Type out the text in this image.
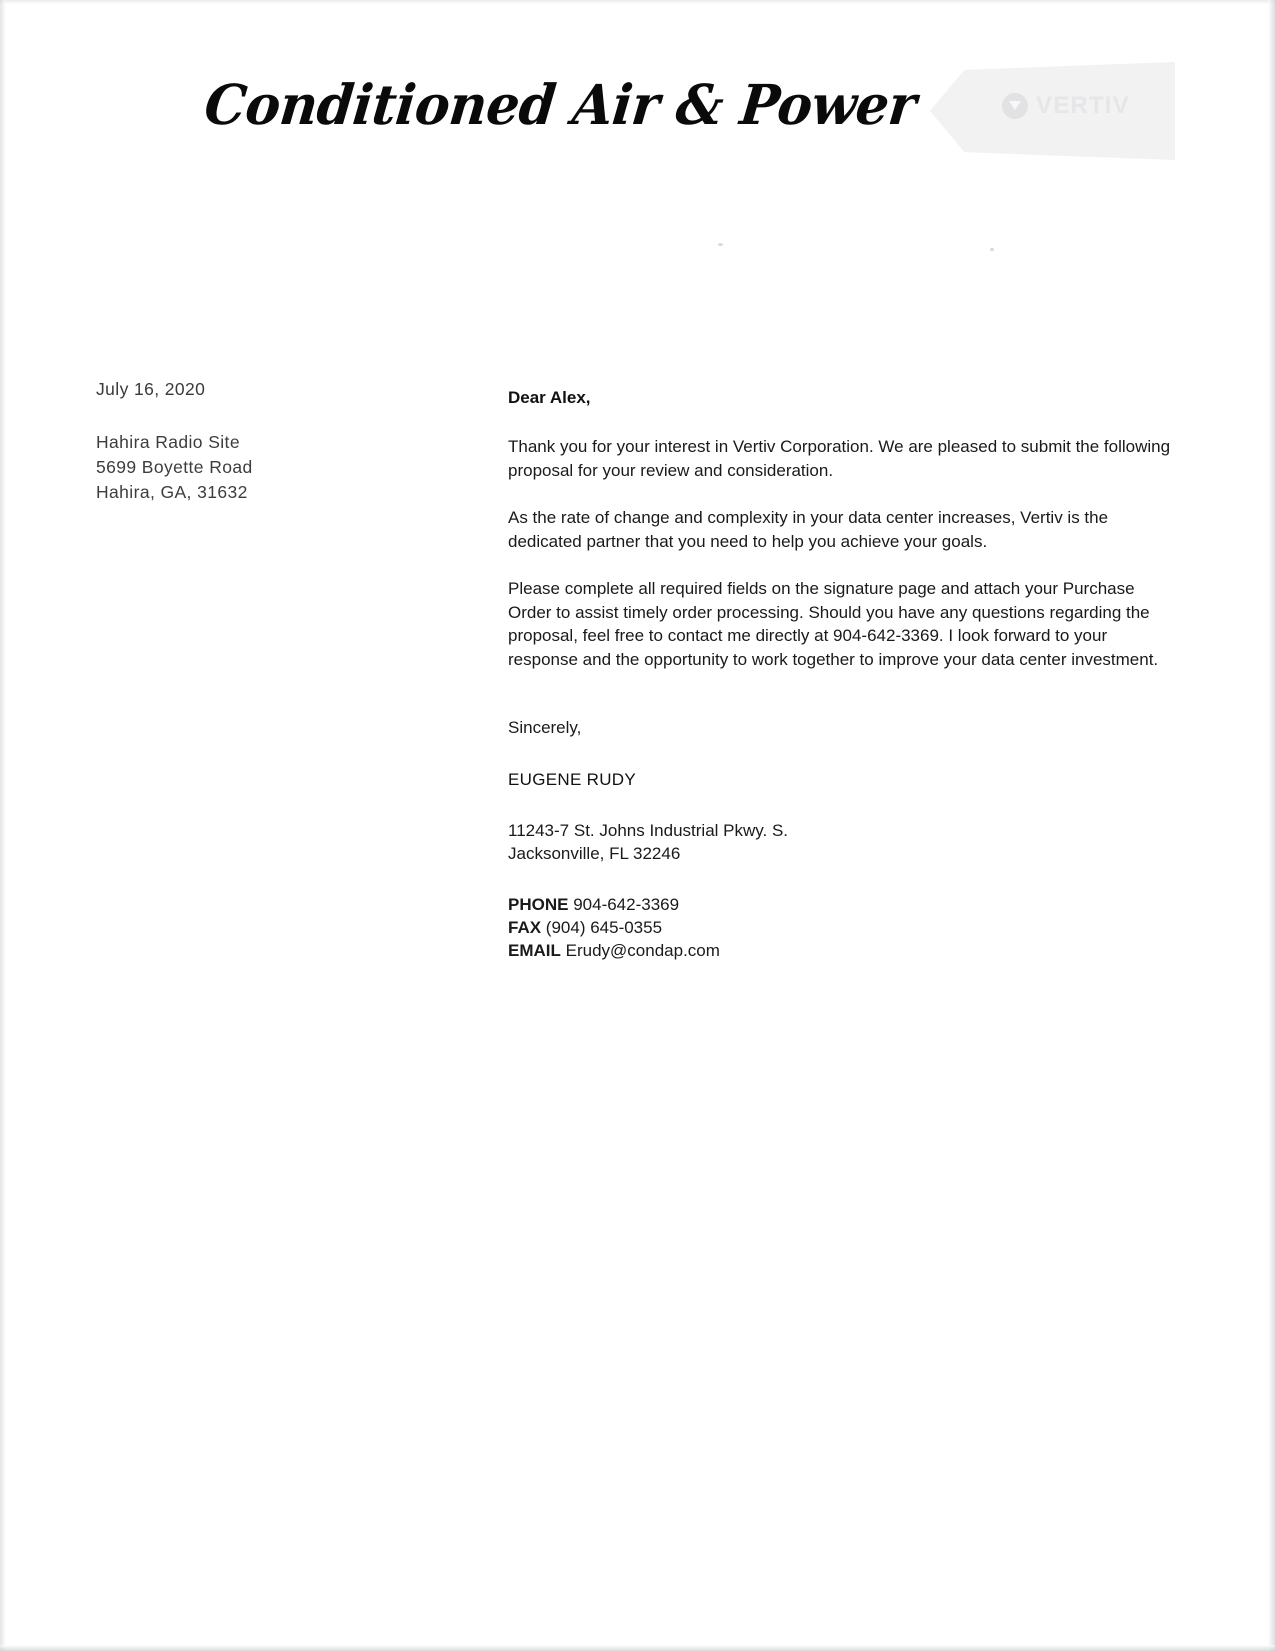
Conditioned Air & Power	VERTIV
July 16, 2020
Hahira Radio Site
5699 Boyette Road
Hahira, GA, 31632
Dear Alex,
Thank you for your interest in Vertiv Corporation. We are pleased to submit the following proposal for your review and consideration.
As the rate of change and complexity in your data center increases, Vertiv is the dedicated partner that you need to help you achieve your goals.
Please complete all required fields on the signature page and attach your Purchase Order to assist timely order processing. Should you have any questions regarding the proposal, feel free to contact me directly at 904-642-3369. I look forward to your response and the opportunity to work together to improve your data center investment.
Sincerely,
EUGENE RUDY
11243-7 St. Johns Industrial Pkwy. S.
Jacksonville, FL 32246
PHONE 904-642-3369
FAX (904) 645-0355
EMAIL Erudy@condap.com
